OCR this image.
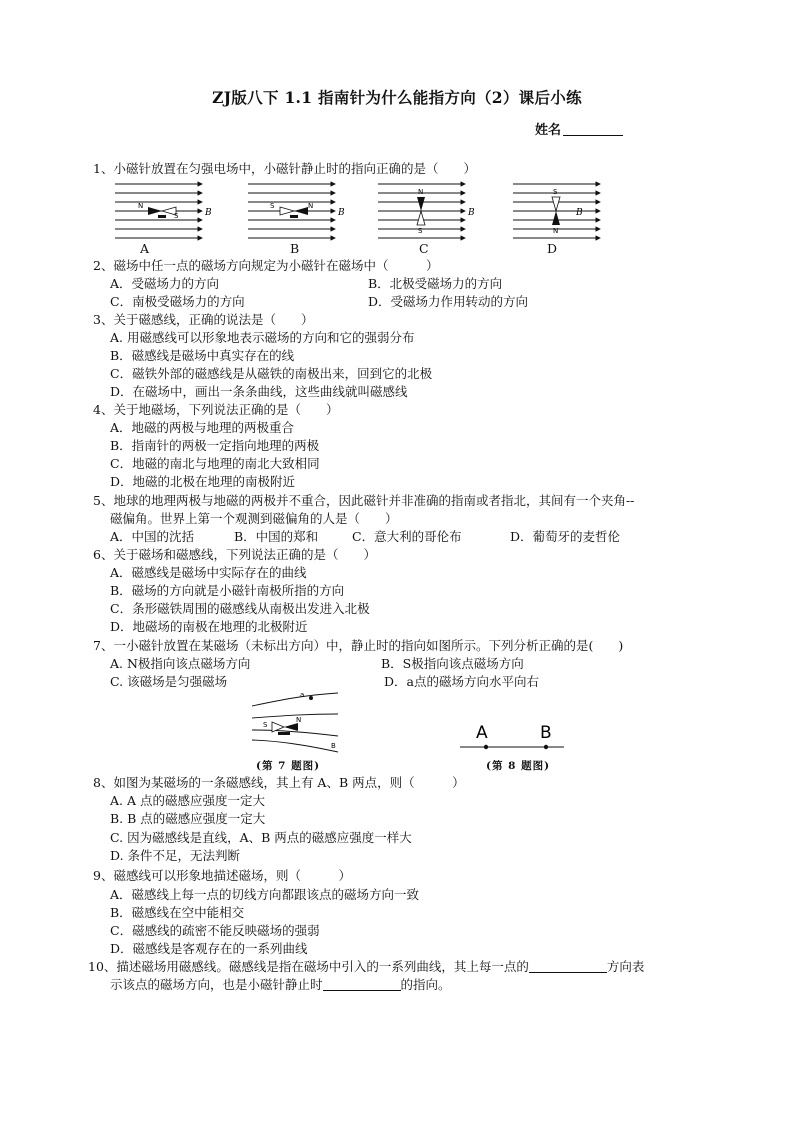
ZJ版八下 1.1 指南针为什么能指方向（2）课后小练
姓名
1、小磁针放置在匀强电场中，小磁针静止时的指向正确的是（　　）
N
S
S	N
N
S
S
N
B	B	B	B
A	B	C	D
2、磁场中任一点的磁场方向规定为小磁针在磁场中（　　　）
A．受磁场力的方向	B．北极受磁场力的方向
C．南极受磁场力的方向	D．受磁场力作用转动的方向
3、关于磁感线，正确的说法是（　　）
A. 用磁感线可以形象地表示磁场的方向和它的强弱分布
B．磁感线是磁场中真实存在的线
C．磁铁外部的磁感线是从磁铁的南极出来，回到它的北极
D．在磁场中，画出一条条曲线，这些曲线就叫磁感线
4、关于地磁场，下列说法正确的是（　　）
A．地磁的两极与地理的两极重合
B．指南针的两极一定指向地理的两极
C．地磁的南北与地理的南北大致相同
D．地磁的北极在地理的南极附近
5、地球的地理两极与地磁的两极并不重合，因此磁针并非准确的指南或者指北，其间有一个夹角--
磁偏角。世界上第一个观测到磁偏角的人是（　　）
A．中国的沈括	B．中国的郑和	C．意大利的哥伦布	D．葡萄牙的麦哲伦
6、关于磁场和磁感线，下列说法正确的是（　　）
A．磁感线是磁场中实际存在的曲线
B．磁场的方向就是小磁针南极所指的方向
C．条形磁铁周围的磁感线从南极出发进入北极
D．地磁场的南极在地理的北极附近
7、一小磁针放置在某磁场（未标出方向）中，静止时的指向如图所示。下列分析正确的是(　　)
A. N极指向该点磁场方向	B．S极指向该点磁场方向
C. 该磁场是匀强磁场	D．a点的磁场方向水平向右
a
S
N
B
(第 7 题图)
A	B
(第 8 题图)
8、如图为某磁场的一条磁感线，其上有 A、B 两点，则（　　　）
A. A 点的磁感应强度一定大
B. B 点的磁感应强度一定大
C. 因为磁感线是直线，A、B 两点的磁感应强度一样大
D. 条件不足，无法判断
9、磁感线可以形象地描述磁场，则（　　　）
A．磁感线上每一点的切线方向都跟该点的磁场方向一致
B．磁感线在空中能相交
C．磁感线的疏密不能反映磁场的强弱
D．磁感线是客观存在的一系列曲线
10、描述磁场用磁感线。磁感线是指在磁场中引入的一系列曲线，其上每一点的	方向表
示该点的磁场方向，也是小磁针静止时	的指向。
